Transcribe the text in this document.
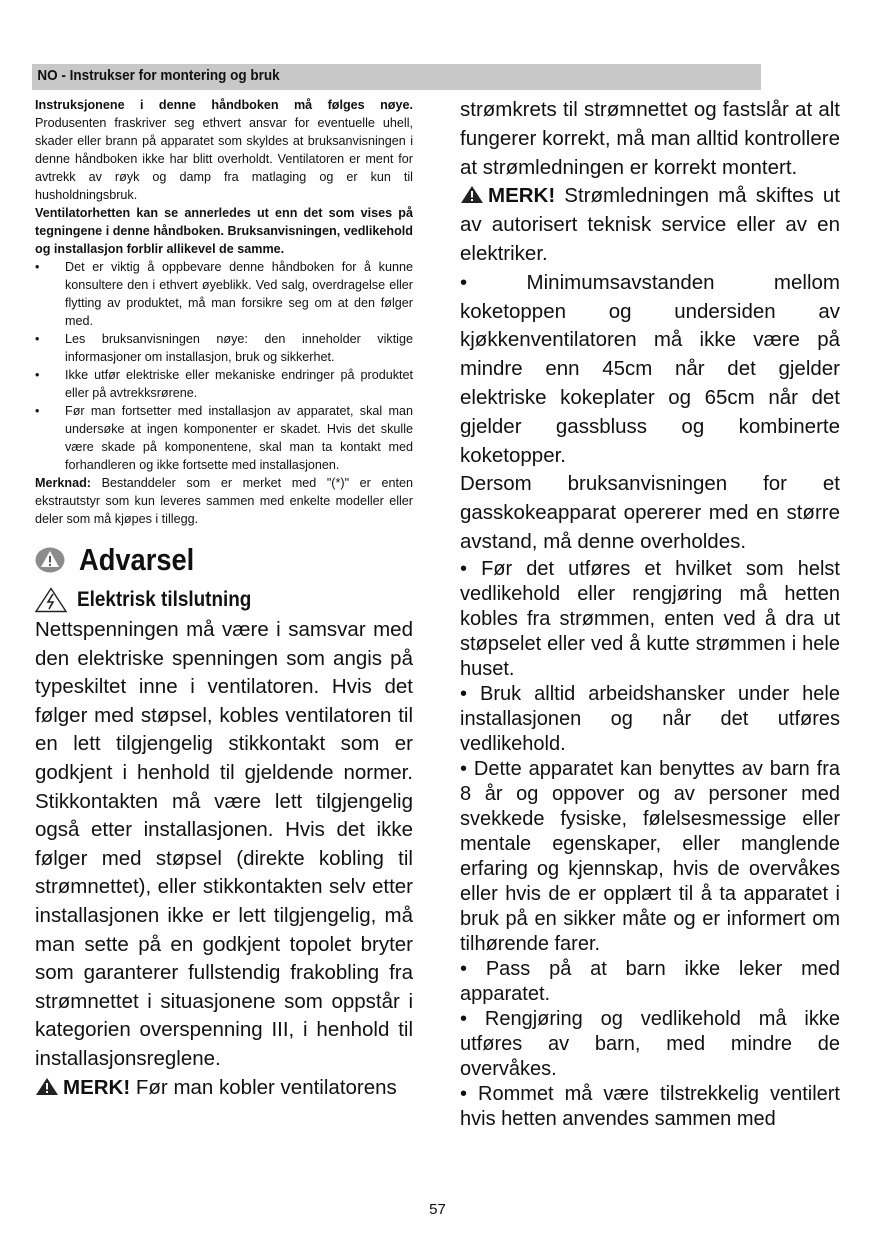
NO - Instrukser for montering og bruk

Instruksjonene i denne håndboken må følges nøye. Produsenten fraskriver seg ethvert ansvar for eventuelle uhell, skader eller brann på apparatet som skyldes at bruksanvisningen i denne håndboken ikke har blitt overholdt. Ventilatoren er ment for avtrekk av røyk og damp fra matlaging og er kun til husholdningsbruk.

Ventilatorhetten kan se annerledes ut enn det som vises på tegningene i denne håndboken. Bruksanvisningen, vedlikehold og installasjon forblir allikevel de samme.

• Det er viktig å oppbevare denne håndboken for å kunne konsultere den i ethvert øyeblikk. Ved salg, overdragelse eller flytting av produktet, må man forsikre seg om at den følger med.
• Les bruksanvisningen nøye: den inneholder viktige informasjoner om installasjon, bruk og sikkerhet.
• Ikke utfør elektriske eller mekaniske endringer på produktet eller på avtrekksrørene.
• Før man fortsetter med installasjon av apparatet, skal man undersøke at ingen komponenter er skadet. Hvis det skulle være skade på komponentene, skal man ta kontakt med forhandleren og ikke fortsette med installasjonen.

Merknad: Bestanddeler som er merket med "(*)" er enten ekstrautstyr som kun leveres sammen med enkelte modeller eller deler som må kjøpes i tillegg.

Advarsel
Elektrisk tilslutning

Nettspenningen må være i samsvar med den elektriske spenningen som angis på typeskiltet inne i ventilatoren. Hvis det følger med støpsel, kobles ventilatoren til en lett tilgjengelig stikkontakt som er godkjent i henhold til gjeldende normer. Stikkontakten må være lett tilgjengelig også etter installasjonen. Hvis det ikke følger med støpsel (direkte kobling til strømnettet), eller stikkontakten selv etter installasjonen ikke er lett tilgjengelig, må man sette på en godkjent topolet bryter som garanterer fullstendig frakobling fra strømnettet i situasjonene som oppstår i kategorien overspenning III, i henhold til installasjonsreglene.

MERK! Før man kobler ventilatorens

strømkrets til strømnettet og fastslår at alt fungerer korrekt, må man alltid kontrollere at strømledningen er korrekt montert.

MERK! Strømledningen må skiftes ut av autorisert teknisk service eller av en elektriker.

• Minimumsavstanden mellom koketoppen og undersiden av kjøkkenventilatoren må ikke være på mindre enn 45cm når det gjelder elektriske kokeplater og 65cm når det gjelder gassbluss og kombinerte koketopper.

Dersom bruksanvisningen for et gasskokeapparat opererer med en større avstand, må denne overholdes.

• Før det utføres et hvilket som helst vedlikehold eller rengjøring må hetten kobles fra strømmen, enten ved å dra ut støpselet eller ved å kutte strømmen i hele huset.

• Bruk alltid arbeidshansker under hele installasjonen og når det utføres vedlikehold.

• Dette apparatet kan benyttes av barn fra 8 år og oppover og av personer med svekkede fysiske, følelsesmessige eller mentale egenskaper, eller manglende erfaring og kjennskap, hvis de overvåkes eller hvis de er opplært til å ta apparatet i bruk på en sikker måte og er informert om tilhørende farer.

• Pass på at barn ikke leker med apparatet.

• Rengjøring og vedlikehold må ikke utføres av barn, med mindre de overvåkes.

• Rommet må være tilstrekkelig ventilert hvis hetten anvendes sammen med

57
